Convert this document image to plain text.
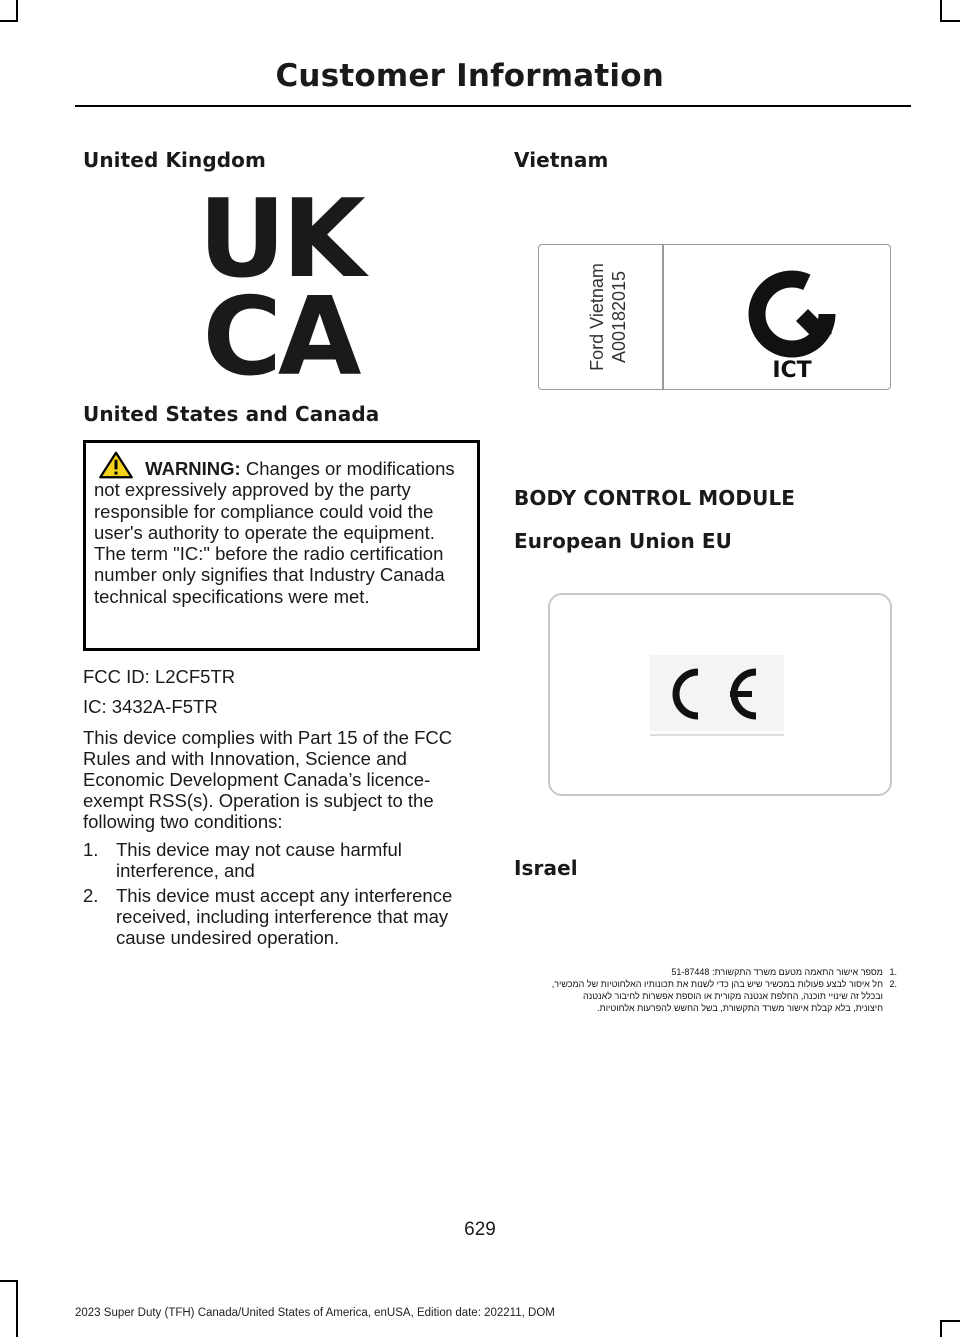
Customer Information
United Kingdom
UK
CA
United States and Canada

WARNING: Changes or modifications not expressively approved by the party responsible for compliance could void the user's authority to operate the equipment. The term "IC:" before the radio certification number only signifies that Industry Canada technical specifications were met.

FCC ID: L2CF5TR

IC: 3432A-F5TR

This device complies with Part 15 of the FCC Rules and with Innovation, Science and Economic Development Canada’s licence-exempt RSS(s). Operation is subject to the following two conditions:

1. This device may not cause harmful interference, and
2. This device must accept any interference received, including interference that may cause undesired operation.
Vietnam
Ford Vietnam A00182015
ICT
BODY CONTROL MODULE
European Union EU
Israel
.1
מספר אישור התאמה מטעם משרד התקשורת: 51-87448
.2
חל איסור לבצע פעולות במכשיר שיש בהן כדי לשנות את תכונותיו האלחוטיות של המכשיר,
ובכלל זה שינויי תוכנה, החלפת אנטנה מקורית או הוספת אפשרות לחיבור לאנטנה
חיצונית, בלא קבלת אישור משרד התקשורת, בשל החשש להפרעות אלחוטיות.
629
2023 Super Duty (TFH) Canada/United States of America, enUSA, Edition date: 202211, DOM
